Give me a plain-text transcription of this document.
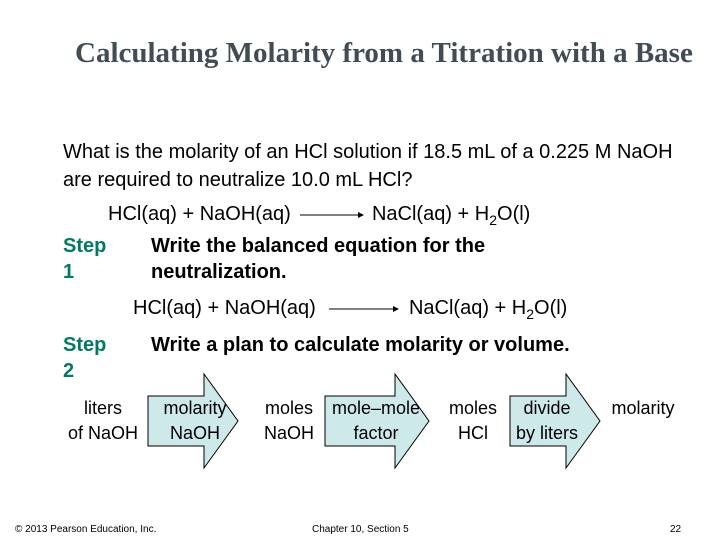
Calculating Molarity from a Titration with a Base
What is the molarity of an HCl solution if 18.5 mL of a 0.225 M NaOH are required to neutralize 10.0 mL HCl?
HCl(aq) + NaOH(aq) → NaCl(aq) + $H_2O(l)$
Step 1
Write the balanced equation for the
neutralization.
HCl(aq) + NaOH(aq)	NaCl(aq) + $H_2O(l)$
Step 2
Write a plan to calculate molarity or volume.
liters
of NaOH
molarity
NaOH
moles
NaOH
mole–mole
factor
moles
HCl
divide
by liters
molarity
© 2013 Pearson Education, Inc.	Chapter 10, Section 5	22
